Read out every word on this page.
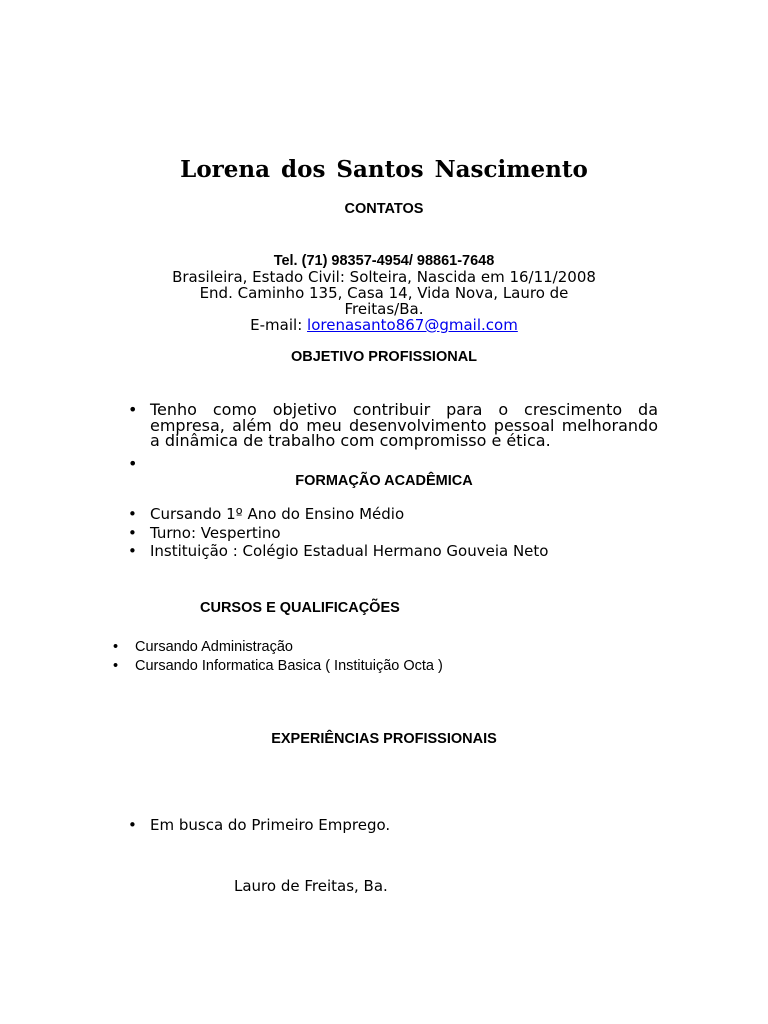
Lorena dos Santos Nascimento
CONTATOS
Tel. (71) 98357-4954/ 98861-7648
Brasileira, Estado Civil: Solteira, Nascida em 16/11/2008
End. Caminho 135, Casa 14, Vida Nova, Lauro de Freitas/Ba.
E-mail: lorenasanto867@gmail.com
OBJETIVO PROFISSIONAL
• Tenho como objetivo contribuir para o crescimento da empresa, além do meu desenvolvimento pessoal melhorando a dinâmica de trabalho com compromisso e ética.
•
FORMAÇÃO ACADÊMICA
• Cursando 1º Ano do Ensino Médio
• Turno: Vespertino
• Instituição : Colégio Estadual Hermano Gouveia Neto
CURSOS E QUALIFICAÇÕES
• Cursando Administração
• Cursando Informatica Basica ( Instituição Octa )
EXPERIÊNCIAS PROFISSIONAIS
• Em busca do Primeiro Emprego.
Lauro de Freitas, Ba.
